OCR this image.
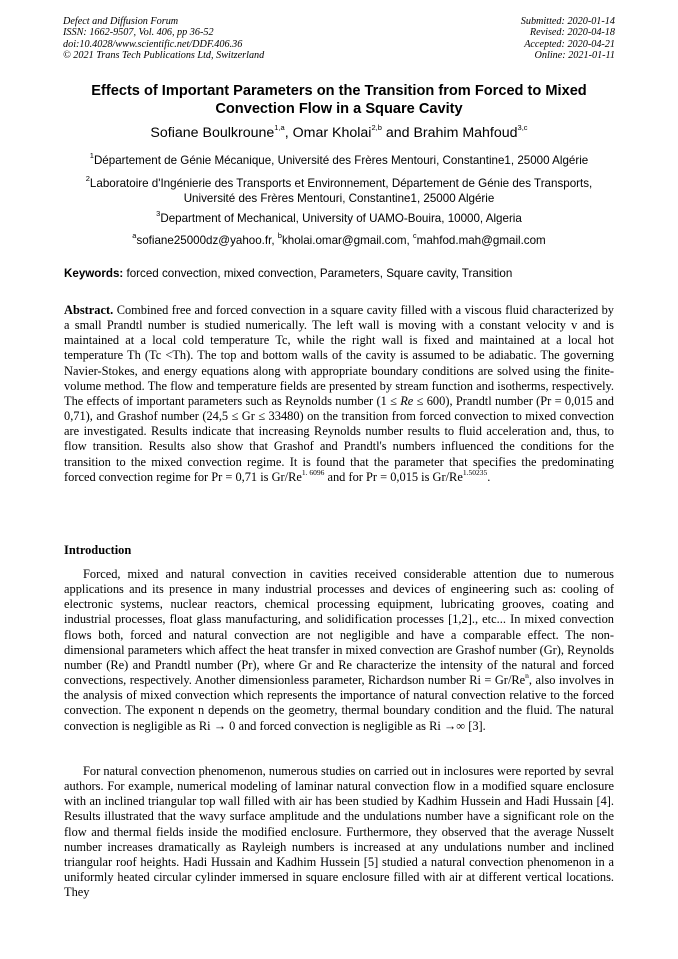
Defect and Diffusion Forum
ISSN: 1662-9507, Vol. 406, pp 36-52
doi:10.4028/www.scientific.net/DDF.406.36
© 2021 Trans Tech Publications Ltd, Switzerland
Submitted: 2020-01-14
Revised: 2020-04-18
Accepted: 2020-04-21
Online: 2021-01-11
Effects of Important Parameters on the Transition from Forced to Mixed
Convection Flow in a Square Cavity
Sofiane Boulkroune$^{1,a}$, Omar Kholai$^{2,b}$ and Brahim Mahfoud$^{3,c}$
$^1$Département de Génie Mécanique, Université des Frères Mentouri, Constantine1, 25000 Algérie
$^2$Laboratoire d'Ingénierie des Transports et Environnement, Département de Génie des Transports,
Université des Frères Mentouri, Constantine1, 25000 Algérie
$^3$Department of Mechanical, University of UAMO-Bouira, 10000, Algeria
$^a$sofiane25000dz@yahoo.fr, $^b$kholai.omar@gmail.com, $^c$mahfod.mah@gmail.com
Keywords: forced convection, mixed convection, Parameters, Square cavity, Transition
Abstract. Combined free and forced convection in a square cavity filled with a viscous fluid characterized by a small Prandtl number is studied numerically. The left wall is moving with a constant velocity v and is maintained at a local cold temperature Tc, while the right wall is fixed and maintained at a local hot temperature Th (Tc <Th). The top and bottom walls of the cavity is assumed to be adiabatic. The governing Navier-Stokes, and energy equations along with appropriate boundary conditions are solved using the finite-volume method. The flow and temperature fields are presented by stream function and isotherms, respectively. The effects of important parameters such as Reynolds number (1 ≤ Re ≤ 600), Prandtl number (Pr = 0,015 and 0,71), and Grashof number (24,5 ≤ Gr ≤ 33480) on the transition from forced convection to mixed convection are investigated. Results indicate that increasing Reynolds number results to fluid acceleration and, thus, to flow transition. Results also show that Grashof and Prandtl's numbers influenced the conditions for the transition to the mixed convection regime. It is found that the parameter that specifies the predominating forced convection regime for Pr = 0,71 is $Gr/Re^{1. 6096}$ and for Pr = 0,015 is $Gr/Re^{1.50235}$.
Introduction
Forced, mixed and natural convection in cavities received considerable attention due to numerous applications and its presence in many industrial processes and devices of engineering such as: cooling of electronic systems, nuclear reactors, chemical processing equipment, lubricating grooves, coating and industrial processes, float glass manufacturing, and solidification processes [1,2]., etc... In mixed convection flows both, forced and natural convection are not negligible and have a comparable effect. The non-dimensional parameters which affect the heat transfer in mixed convection are Grashof number (Gr), Reynolds number (Re) and Prandtl number (Pr), where Gr and Re characterize the intensity of the natural and forced convections, respectively. Another dimensionless parameter, Richardson number $Ri = Gr/Re^n$, also involves in the analysis of mixed convection which represents the importance of natural convection relative to the forced convection. The exponent n depends on the geometry, thermal boundary condition and the fluid. The natural convection is negligible as Ri → 0 and forced convection is negligible as Ri →∞ [3].
For natural convection phenomenon, numerous studies on carried out in inclosures were reported by sevral authors. For example, numerical modeling of laminar natural convection flow in a modified square enclosure with an inclined triangular top wall filled with air has been studied by Kadhim Hussein and Hadi Hussain [4]. Results illustrated that the wavy surface amplitude and the undulations number have a significant role on the flow and thermal fields inside the modified enclosure. Furthermore, they observed that the average Nusselt number increases dramatically as Rayleigh numbers is increased at any undulations number and inclined triangular roof heights. Hadi Hussain and Kadhim Hussein [5] studied a natural convection phenomenon in a uniformly heated circular cylinder immersed in square enclosure filled with air at different vertical locations. They
